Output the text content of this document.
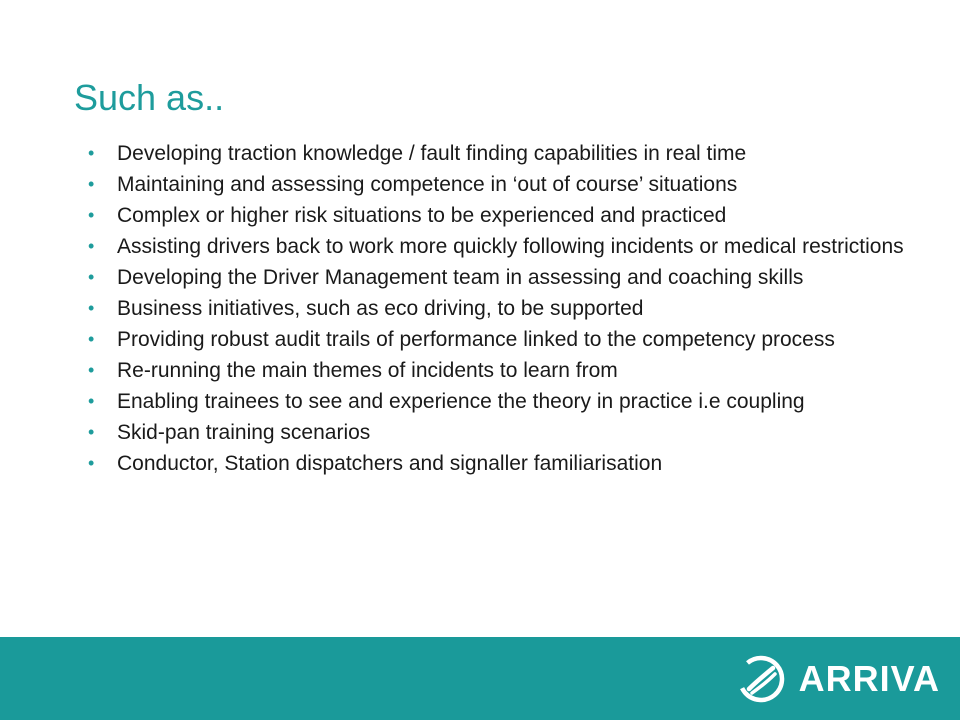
Such as..
• Developing traction knowledge / fault finding capabilities in real time
• Maintaining and assessing competence in ‘out of course’ situations
• Complex or higher risk situations to be experienced and practiced
• Assisting drivers back to work more quickly following incidents or medical restrictions
• Developing the Driver Management team in assessing and coaching skills
• Business initiatives, such as eco driving, to be supported
• Providing robust audit trails of performance linked to the competency process
• Re-running the main themes of incidents to learn from
• Enabling trainees to see and experience the theory in practice i.e coupling
• Skid-pan training scenarios
• Conductor, Station dispatchers and signaller familiarisation
ARRIVA
